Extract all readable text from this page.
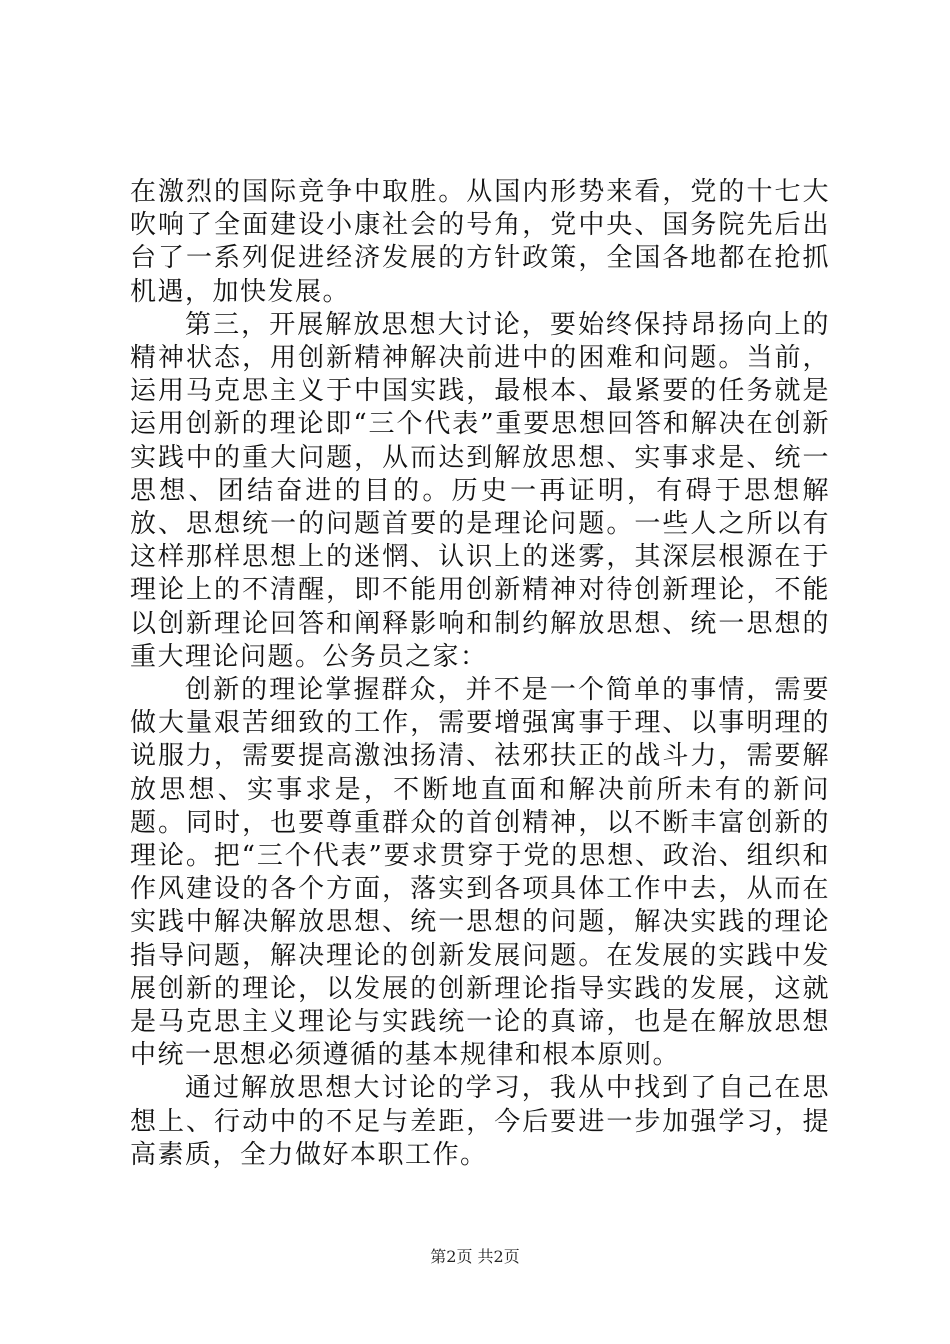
在激烈的国际竞争中取胜。从国内形势来看，党的十七大吹响了全面建设小康社会的号角，党中央、国务院先后出台了一系列促进经济发展的方针政策，全国各地都在抢抓机遇，加快发展。

第三，开展解放思想大讨论，要始终保持昂扬向上的精神状态，用创新精神解决前进中的困难和问题。当前，运用马克思主义于中国实践，最根本、最紧要的任务就是运用创新的理论即“三个代表”重要思想回答和解决在创新实践中的重大问题，从而达到解放思想、实事求是、统一思想、团结奋进的目的。历史一再证明，有碍于思想解放、思想统一的问题首要的是理论问题。一些人之所以有这样那样思想上的迷惘、认识上的迷雾，其深层根源在于理论上的不清醒，即不能用创新精神对待创新理论，不能以创新理论回答和阐释影响和制约解放思想、统一思想的重大理论问题。公务员之家：

创新的理论掌握群众，并不是一个简单的事情，需要做大量艰苦细致的工作，需要增强寓事于理、以事明理的说服力，需要提高激浊扬清、祛邪扶正的战斗力，需要解放思想、实事求是，不断地直面和解决前所未有的新问题。同时，也要尊重群众的首创精神，以不断丰富创新的理论。把“三个代表”要求贯穿于党的思想、政治、组织和作风建设的各个方面，落实到各项具体工作中去，从而在实践中解决解放思想、统一思想的问题，解决实践的理论指导问题，解决理论的创新发展问题。在发展的实践中发展创新的理论，以发展的创新理论指导实践的发展，这就是马克思主义理论与实践统一论的真谛，也是在解放思想中统一思想必须遵循的基本规律和根本原则。

通过解放思想大讨论的学习，我从中找到了自己在思想上、行动中的不足与差距，今后要进一步加强学习，提高素质，全力做好本职工作。

第2页 共2页
